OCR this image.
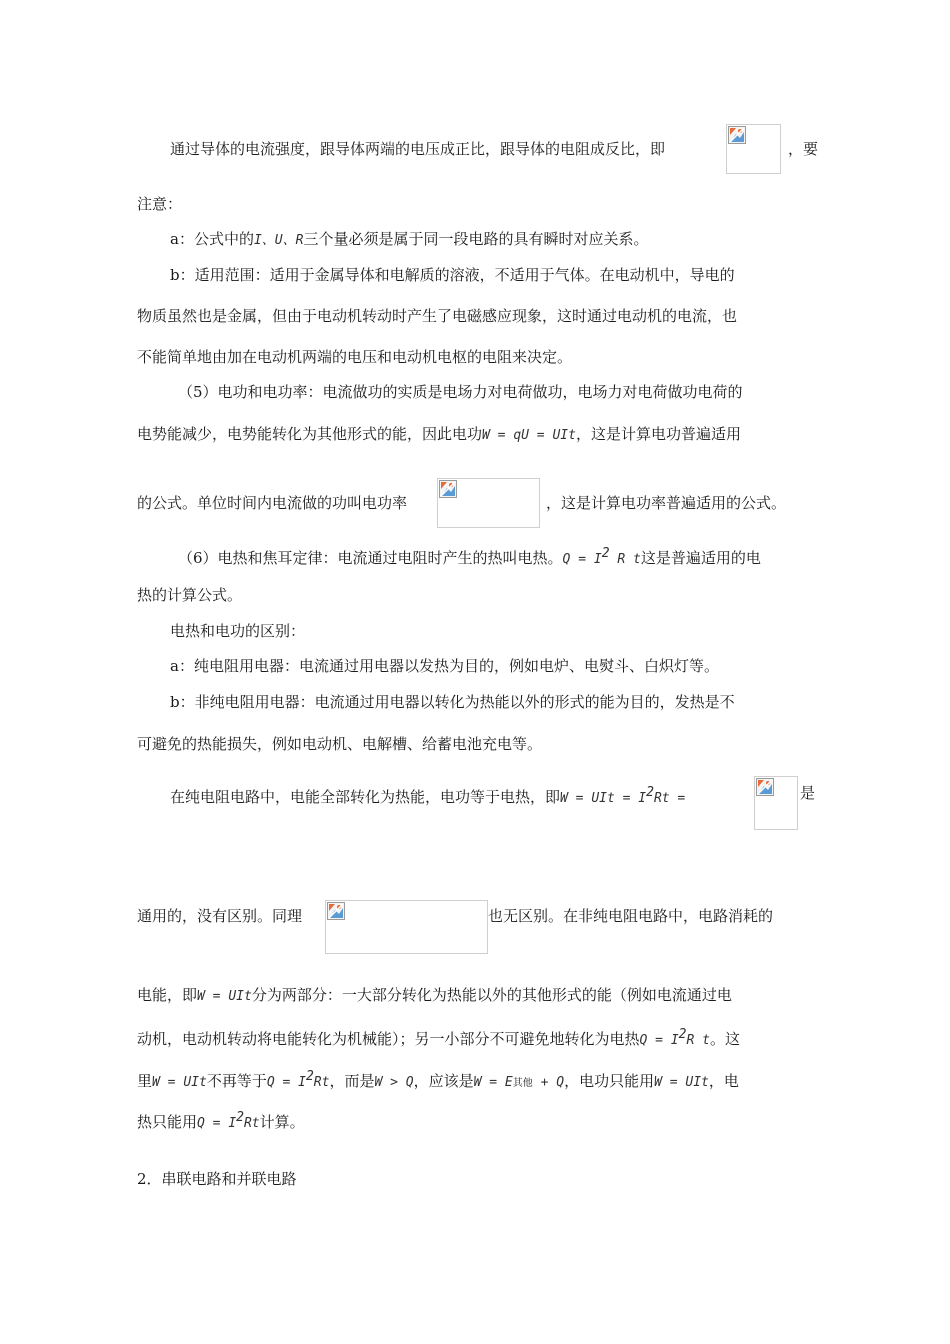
通过导体的电流强度，跟导体两端的电压成正比，跟导体的电阻成反比，即	，要
注意：
a：公式中的I、U、R三个量必须是属于同一段电路的具有瞬时对应关系。
b：适用范围：适用于金属导体和电解质的溶液，不适用于气体。在电动机中，导电的
物质虽然也是金属，但由于电动机转动时产生了电磁感应现象，这时通过电动机的电流，也
不能简单地由加在电动机两端的电压和电动机电枢的电阻来决定。
（5）电功和电功率：电流做功的实质是电场力对电荷做功，电场力对电荷做功电荷的
电势能减少，电势能转化为其他形式的能，因此电功W = qU = UIt，这是计算电功普遍适用
的公式。单位时间内电流做的功叫电功率	，这是计算电功率普遍适用的公式。
（6）电热和焦耳定律：电流通过电阻时产生的热叫电热。$Q = I^2$ R t这是普遍适用的电
热的计算公式。
电热和电功的区别：
a：纯电阻用电器：电流通过用电器以发热为目的，例如电炉、电熨斗、白炽灯等。
b：非纯电阻用电器：电流通过用电器以转化为热能以外的形式的能为目的，发热是不
可避免的热能损失，例如电动机、电解槽、给蓄电池充电等。
在纯电阻电路中，电能全部转化为热能，电功等于电热，即W = UIt = $I^2Rt$ =	是
通用的，没有区别。同理	也无区别。在非纯电阻电路中，电路消耗的
电能，即W = UIt分为两部分：一大部分转化为热能以外的其他形式的能（例如电流通过电
动机，电动机转动将电能转化为机械能）；另一小部分不可避免地转化为电热$Q = I^2R$ t。这
里W = UIt不再等于$Q = I^2Rt$，而是W > Q，应该是W = E其他 + Q，电功只能用W = UIt，电
热只能用$Q = I^2Rt$计算。
2．串联电路和并联电路
